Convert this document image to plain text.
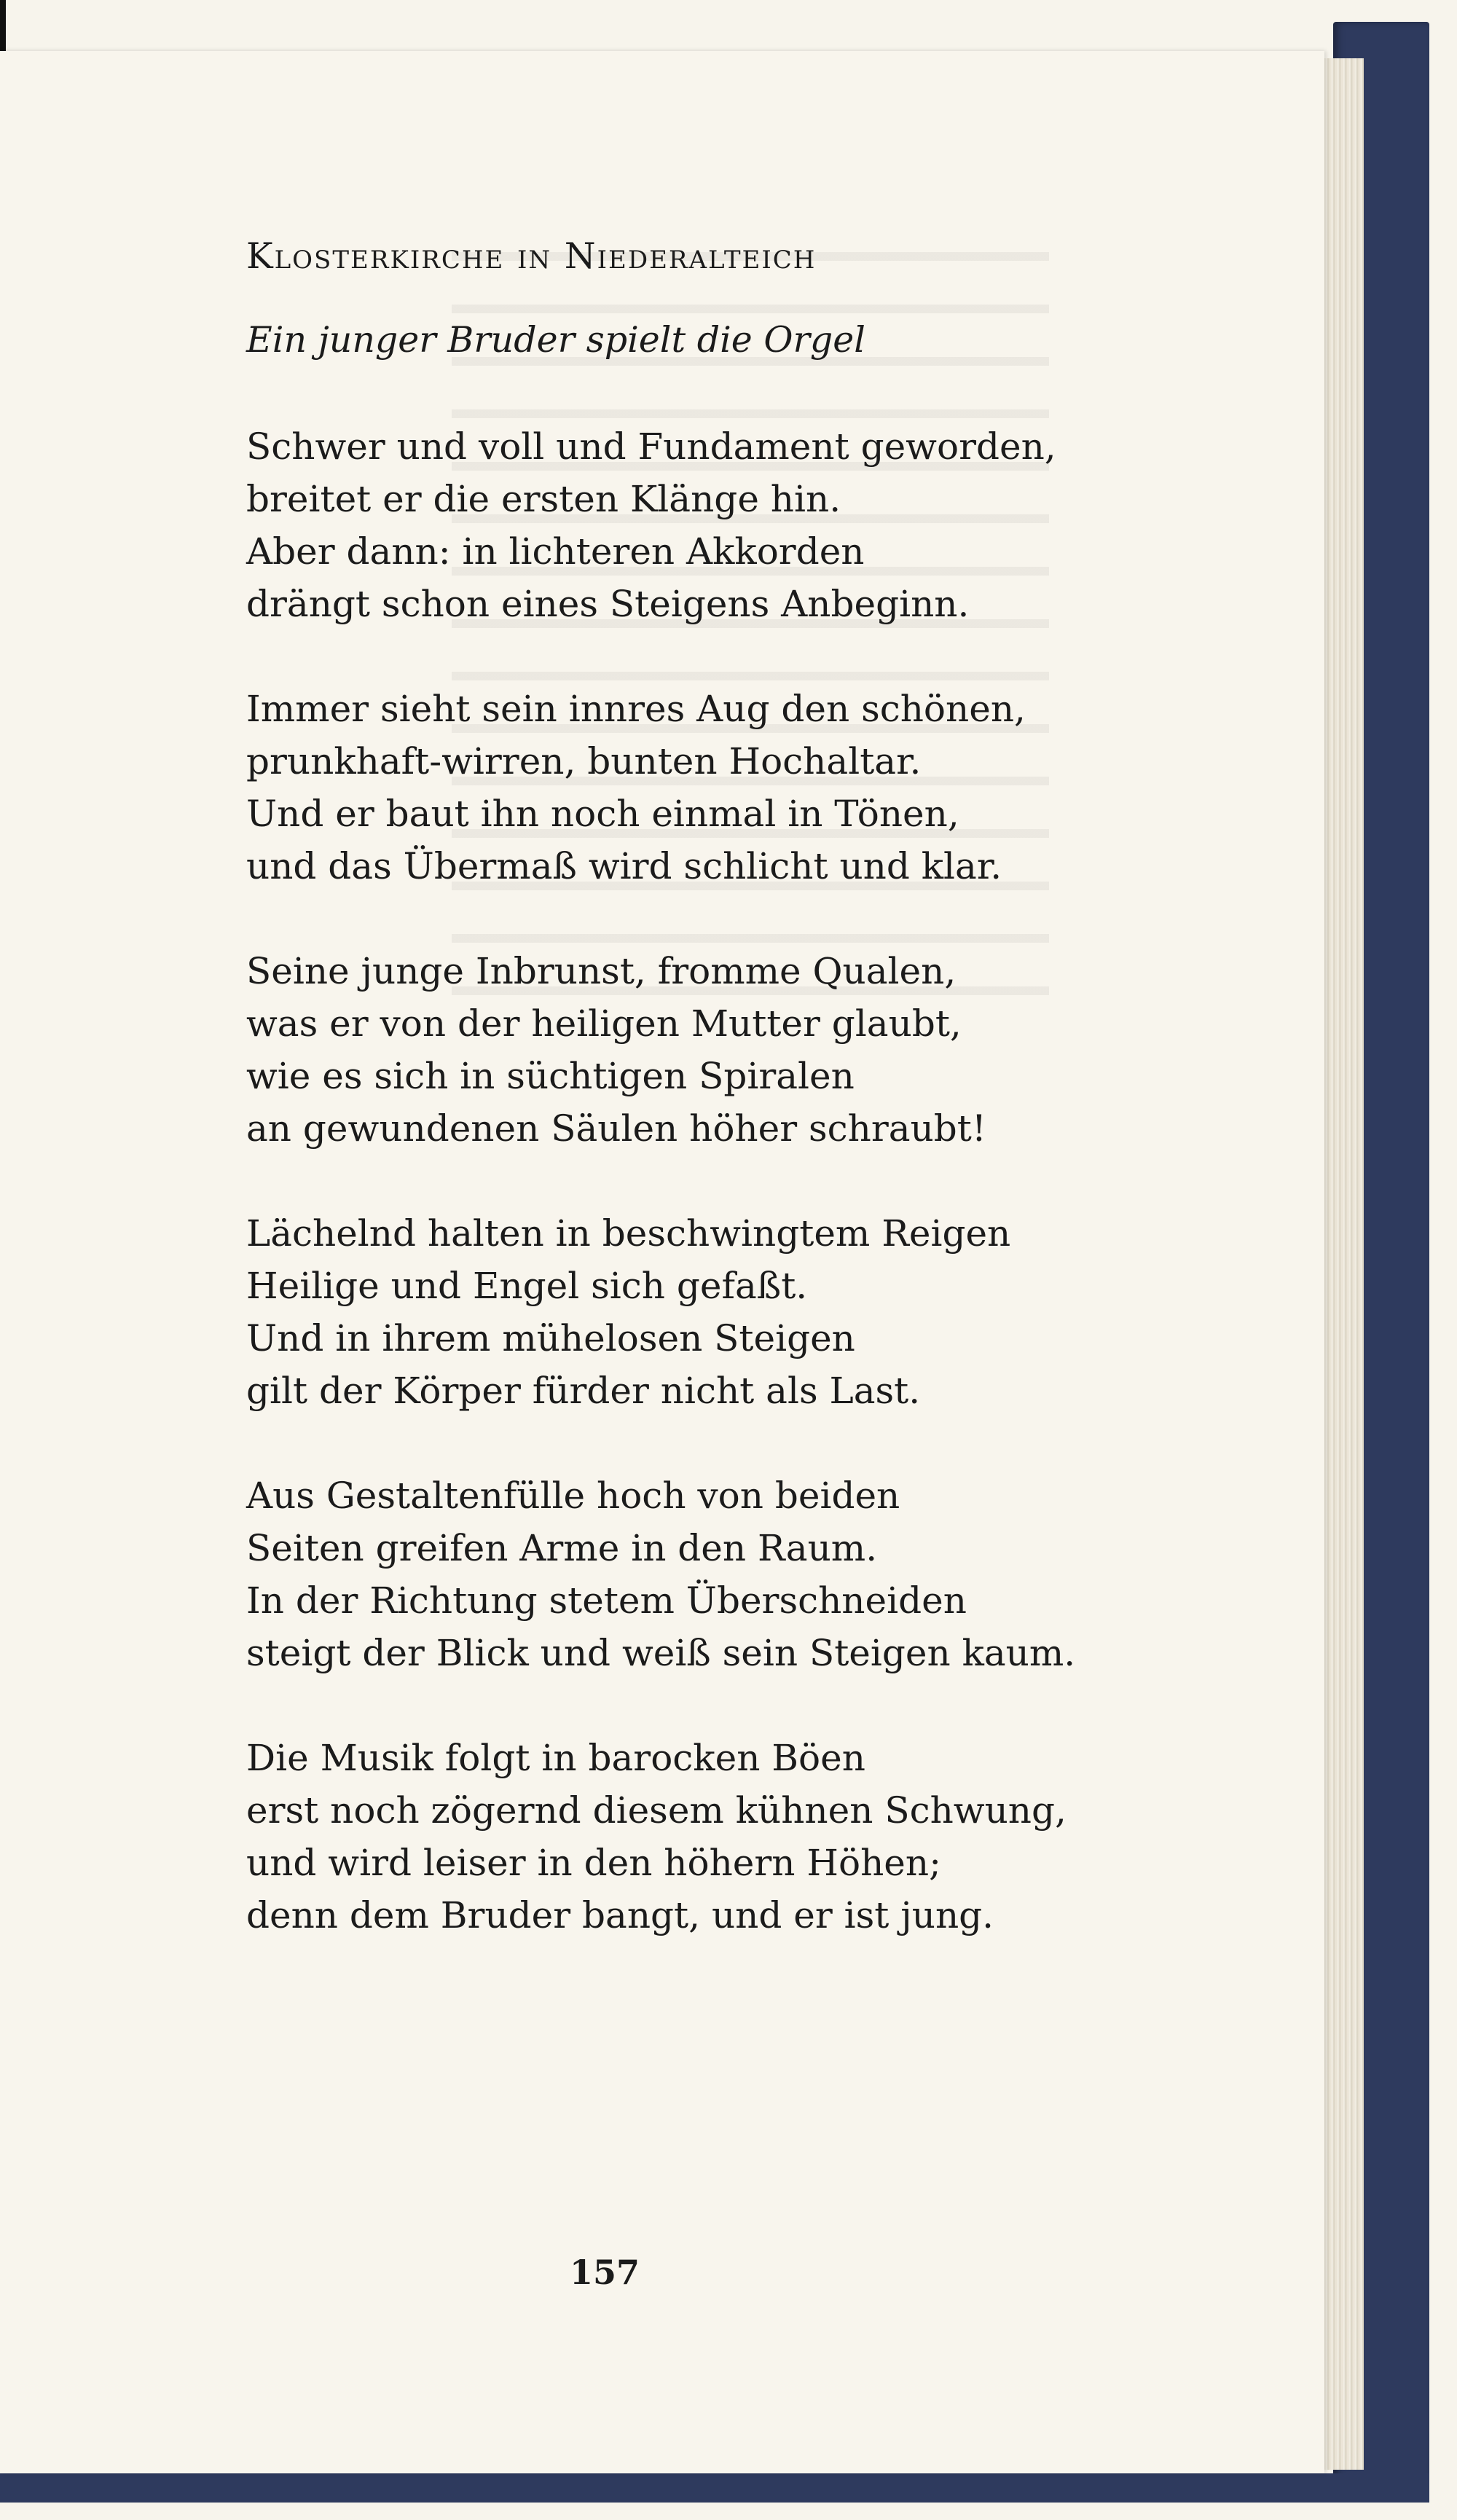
Klosterkirche in Niederalteich
Ein junger Bruder spielt die Orgel
Schwer und voll und Fundament geworden,
breitet er die ersten Klänge hin.
Aber dann: in lichteren Akkorden
drängt schon eines Steigens Anbeginn.
Immer sieht sein innres Aug den schönen,
prunkhaft-wirren, bunten Hochaltar.
Und er baut ihn noch einmal in Tönen,
und das Übermaß wird schlicht und klar.
Seine junge Inbrunst, fromme Qualen,
was er von der heiligen Mutter glaubt,
wie es sich in süchtigen Spiralen
an gewundenen Säulen höher schraubt!
Lächelnd halten in beschwingtem Reigen
Heilige und Engel sich gefaßt.
Und in ihrem mühelosen Steigen
gilt der Körper fürder nicht als Last.
Aus Gestaltenfülle hoch von beiden
Seiten greifen Arme in den Raum.
In der Richtung stetem Überschneiden
steigt der Blick und weiß sein Steigen kaum.
Die Musik folgt in barocken Böen
erst noch zögernd diesem kühnen Schwung,
und wird leiser in den höhern Höhen;
denn dem Bruder bangt, und er ist jung.
157
